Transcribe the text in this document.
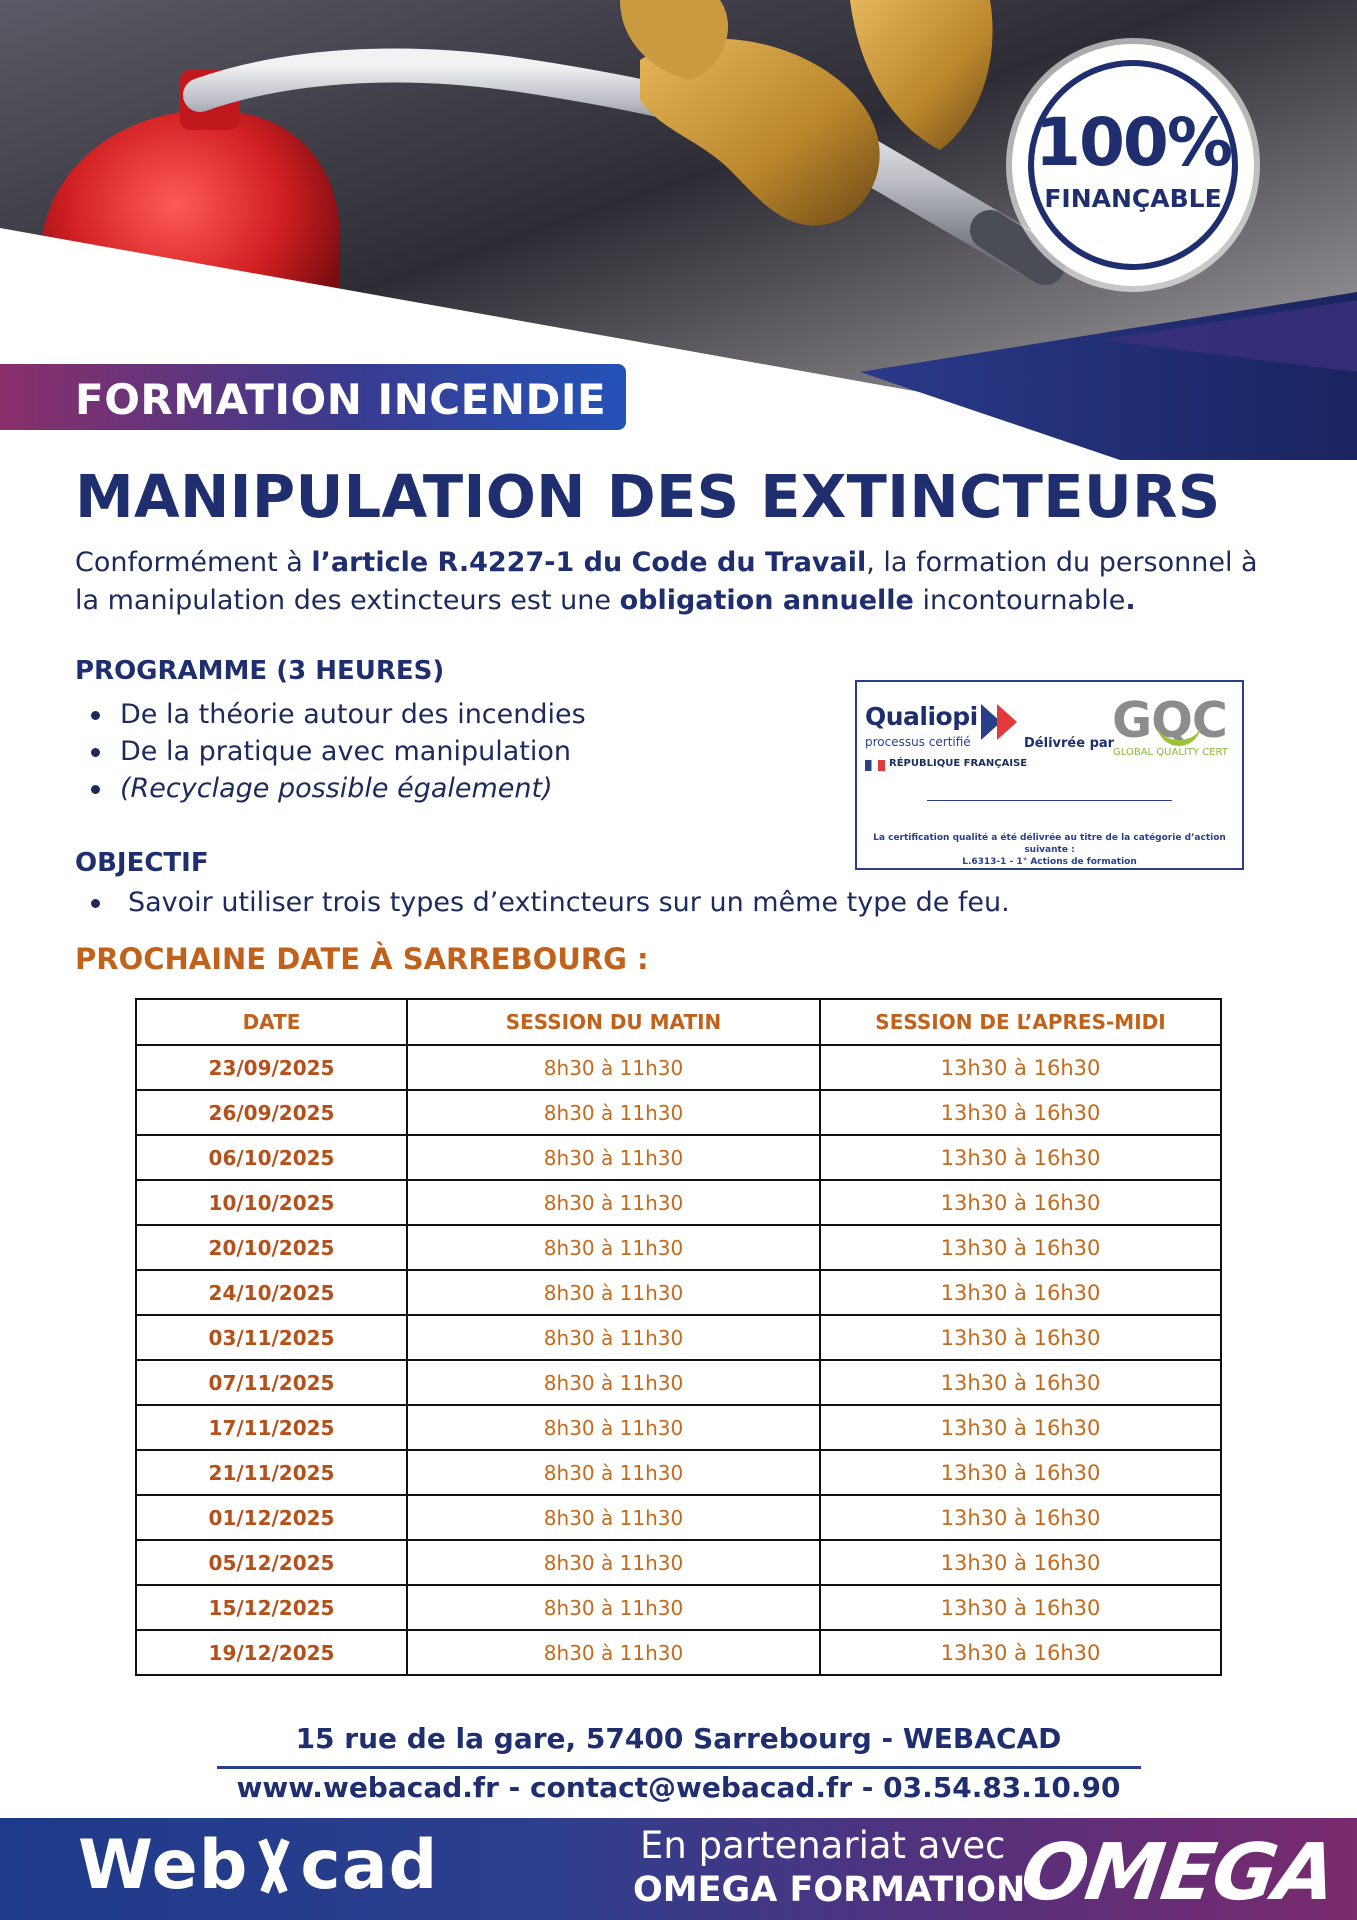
100%
FINANÇABLE
FORMATION INCENDIE
MANIPULATION DES EXTINCTEURS
Conformément à l’article R.4227-1 du Code du Travail, la formation du personnel à la manipulation des extincteurs est une obligation annuelle incontournable.
PROGRAMME (3 HEURES)
De la théorie autour des incendies
De la pratique avec manipulation
(Recyclage possible également)
OBJECTIF
Savoir utiliser trois types d’extincteurs sur un même type de feu.
Qualiopi
processus certifié
RÉPUBLIQUE FRANÇAISE
Délivrée par
GQC
GLOBAL QUALITY CERT
La certification qualité a été délivrée au titre de la catégorie d’action suivante :
L.6313-1 - 1° Actions de formation
PROCHAINE DATE À SARREBOURG :
DATE	SESSION DU MATIN	SESSION DE L’APRES-MIDI
23/09/2025	8h30 à 11h30	13h30 à 16h30
26/09/2025	8h30 à 11h30	13h30 à 16h30
06/10/2025	8h30 à 11h30	13h30 à 16h30
10/10/2025	8h30 à 11h30	13h30 à 16h30
20/10/2025	8h30 à 11h30	13h30 à 16h30
24/10/2025	8h30 à 11h30	13h30 à 16h30
03/11/2025	8h30 à 11h30	13h30 à 16h30
07/11/2025	8h30 à 11h30	13h30 à 16h30
17/11/2025	8h30 à 11h30	13h30 à 16h30
21/11/2025	8h30 à 11h30	13h30 à 16h30
01/12/2025	8h30 à 11h30	13h30 à 16h30
05/12/2025	8h30 à 11h30	13h30 à 16h30
15/12/2025	8h30 à 11h30	13h30 à 16h30
19/12/2025	8h30 à 11h30	13h30 à 16h30
15 rue de la gare, 57400 Sarrebourg - WEBACAD
www.webacad.fr - contact@webacad.fr - 03.54.83.10.90
Web cad	En partenariat avec
OMEGA FORMATION
OMEGA
